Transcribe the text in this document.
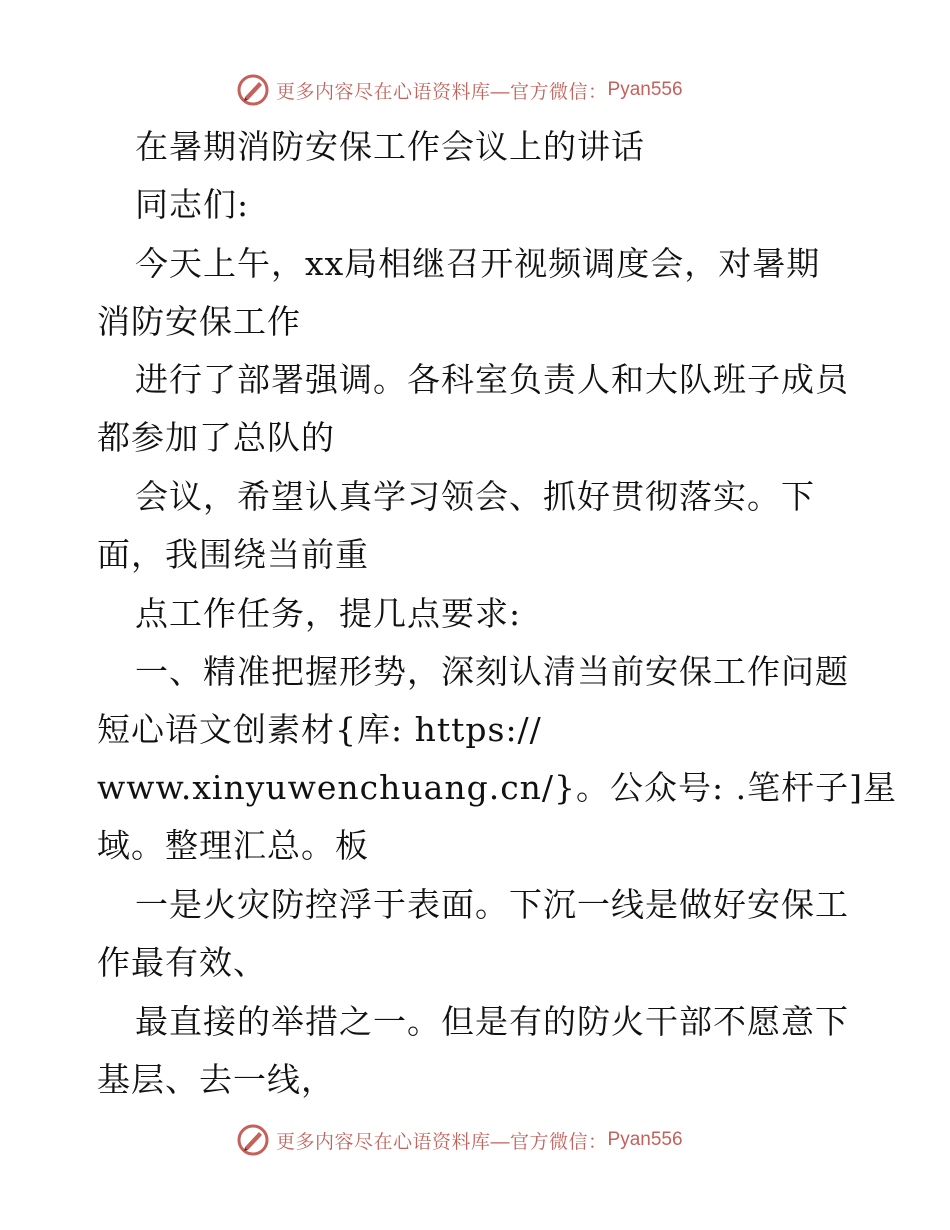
更多内容尽在心语资料库—官方微信： Pyan556
在暑期消防安保工作会议上的讲话
同志们:
今天上午，xx局相继召开视频调度会，对暑期
消防安保工作
进行了部署强调。各科室负责人和大队班子成员
都参加了总队的
会议，希望认真学习领会、抓好贯彻落实。下
面，我围绕当前重
点工作任务，提几点要求:
一、精准把握形势，深刻认清当前安保工作问题
短心语文创素材{库: https://
www.xinyuwenchuang.cn/}。公众号: .笔杆子]星
域。整理汇总。板
一是火灾防控浮于表面。下沉一线是做好安保工
作最有效、
最直接的举措之一。但是有的防火干部不愿意下
基层、去一线，
更多内容尽在心语资料库—官方微信： Pyan556
